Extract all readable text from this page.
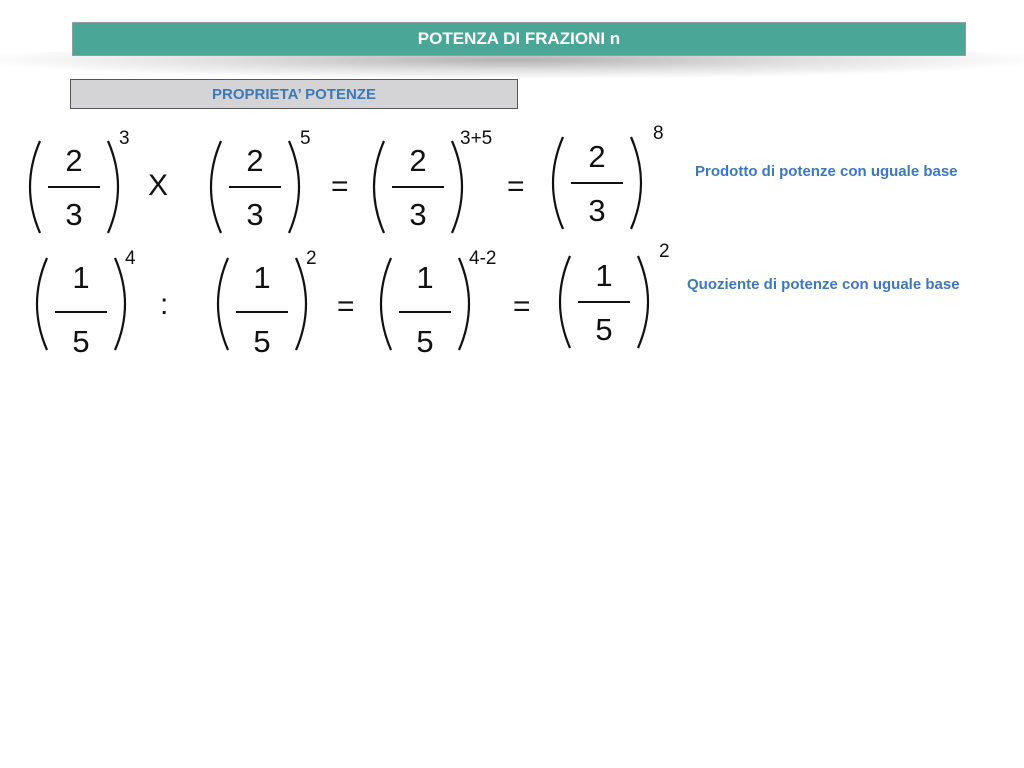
POTENZA DI FRAZIONI n
PROPRIETA’ POTENZE
2
3
3
X
2
3
5
=
2
3
3+5
=
2
3
8
Prodotto di potenze con uguale base
1
5
4
:
1
5
2
=
1
5
4-2
=
1
5
2
Quoziente di potenze con uguale base
